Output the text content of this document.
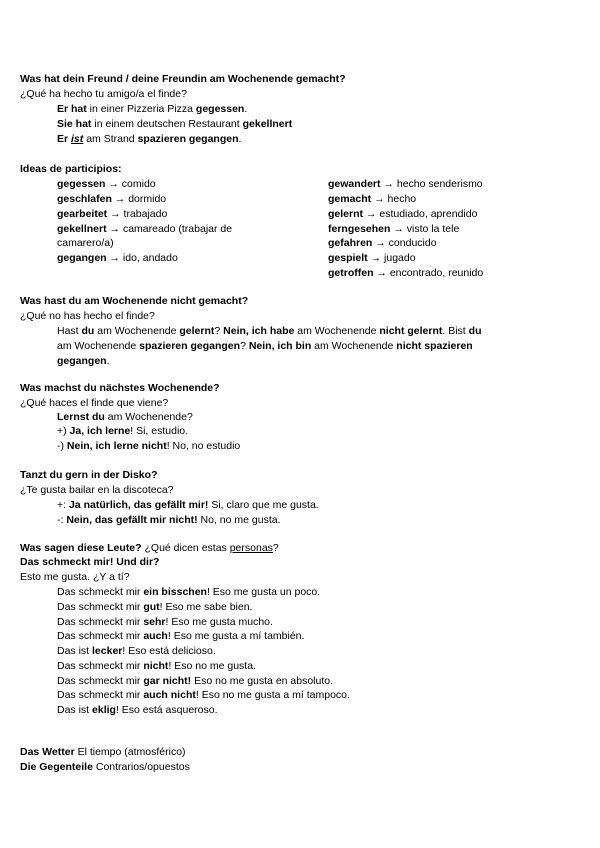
Was hat dein Freund / deine Freundin am Wochenende gemacht?
¿Qué ha hecho tu amigo/a el finde?
Er hat in einer Pizzeria Pizza gegessen.
Sie hat in einem deutschen Restaurant gekellnert
Er ist am Strand spazieren gegangen.
Ideas de participios:
gegessen → comido
geschlafen → dormido
gearbeitet → trabajado
gekellnert → camareado (trabajar de
camarero/a)
gegangen → ido, andado
gewandert → hecho senderismo
gemacht → hecho
gelernt → estudiado, aprendido
ferngesehen → visto la tele
gefahren → conducido
gespielt → jugado
getroffen → encontrado, reunido
Was hast du am Wochenende nicht gemacht?
¿Qué no has hecho el finde?
Hast du am Wochenende gelernt? Nein, ich habe am Wochenende nicht gelernt. Bist du
am Wochenende spazieren gegangen? Nein, ich bin am Wochenende nicht spazieren
gegangen.
Was machst du nächstes Wochenende?
¿Qué haces el finde que viene?
Lernst du am Wochenende?
+) Ja, ich lerne! Si, estudio.
-) Nein, ich lerne nicht! No, no estudio
Tanzt du gern in der Disko?
¿Te gusta bailar en la discoteca?
+: Ja natürlich, das gefällt mir! Si, claro que me gusta.
-: Nein, das gefällt mir nicht! No, no me gusta.
Was sagen diese Leute? ¿Qué dicen estas personas?
Das schmeckt mir! Und dir?
Esto me gusta. ¿Y a tí?
Das schmeckt mir ein bisschen! Eso me gusta un poco.
Das schmeckt mir gut! Eso me sabe bien.
Das schmeckt mir sehr! Eso me gusta mucho.
Das schmeckt mir auch! Eso me gusta a mí también.
Das ist lecker! Eso está delicioso.
Das schmeckt mir nicht! Eso no me gusta.
Das schmeckt mir gar nicht! Eso no me gusta en absoluto.
Das schmeckt mir auch nicht! Eso no me gusta a mí tampoco.
Das ist eklig! Eso está asqueroso.
Das Wetter El tiempo (atmosférico)
Die Gegenteile Contrarios/opuestos
